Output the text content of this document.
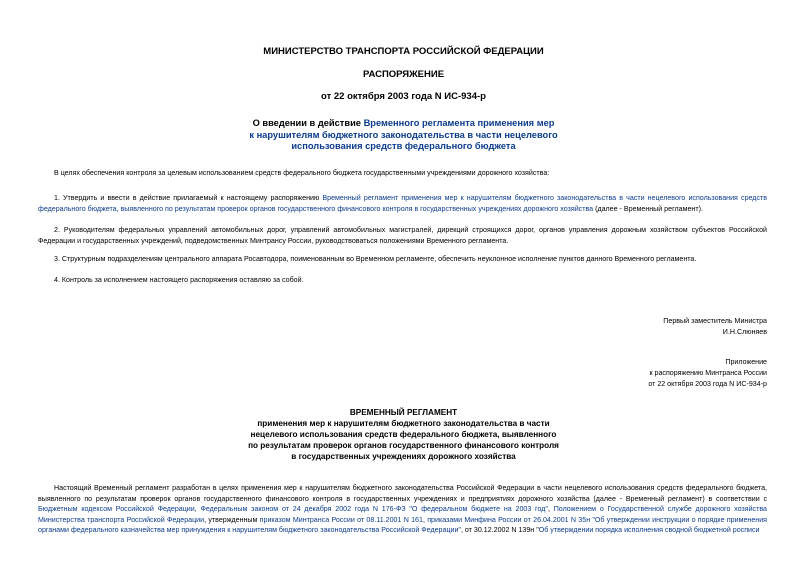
МИНИСТЕРСТВО ТРАНСПОРТА РОССИЙСКОЙ ФЕДЕРАЦИИ
РАСПОРЯЖЕНИЕ
от 22 октября 2003 года N ИС-934-р
О введении в действие Временного регламента применения мер
к нарушителям бюджетного законодательства в части нецелевого
использования средств федерального бюджета
В целях обеспечения контроля за целевым использованием средств федерального бюджета государственными учреждениями дорожного хозяйства:
1. Утвердить и ввести в действие прилагаемый к настоящему распоряжению Временный регламент применения мер к нарушителям бюджетного законодательства в части нецелевого использования средств федерального бюджета, выявленного по результатам проверок органов государственного финансового контроля в государственных учреждениях дорожного хозяйства (далее - Временный регламент).
2. Руководителям федеральных управлений автомобильных дорог, управлений автомобильных магистралей, дирекций строящихся дорог, органов управления дорожным хозяйством субъектов Российской Федерации и государственных учреждений, подведомственных Минтрансу России, руководствоваться положениями Временного регламента.
3. Структурным подразделениям центрального аппарата Росавтодора, поименованным во Временном регламенте, обеспечить неуклонное исполнение пунктов данного Временного регламента.
4. Контроль за исполнением настоящего распоряжения оставляю за собой.
Первый заместитель Министра
И.Н.Слюняев
Приложение
к распоряжению Минтранса России
от 22 октября 2003 года N ИС-934-р
ВРЕМЕННЫЙ РЕГЛАМЕНТ
применения мер к нарушителям бюджетного законодательства в части
нецелевого использования средств федерального бюджета, выявленного
по результатам проверок органов государственного финансового контроля
в государственных учреждениях дорожного хозяйства
Настоящий Временный регламент разработан в целях применения мер к нарушителям бюджетного законодательства Российской Федерации в части нецелевого использования средств федерального бюджета, выявленного по результатам проверок органов государственного финансового контроля в государственных учреждениях и предприятиях дорожного хозяйства (далее - Временный регламент) в соответствии с Бюджетным кодексом Российской Федерации, Федеральным законом от 24 декабря 2002 года N 176-ФЗ "О федеральном бюджете на 2003 год", Положением о Государственной службе дорожного хозяйства Министерства транспорта Российской Федерации, утвержденным приказом Минтранса России от 08.11.2001 N 161, приказами Минфина России от 26.04.2001 N 35н "Об утверждении инструкции о порядке применения органами федерального казначейства мер принуждения к нарушителям бюджетного законодательства Российской Федерации", от 30.12.2002 N 139н "Об утверждении порядка исполнения сводной бюджетной росписи
